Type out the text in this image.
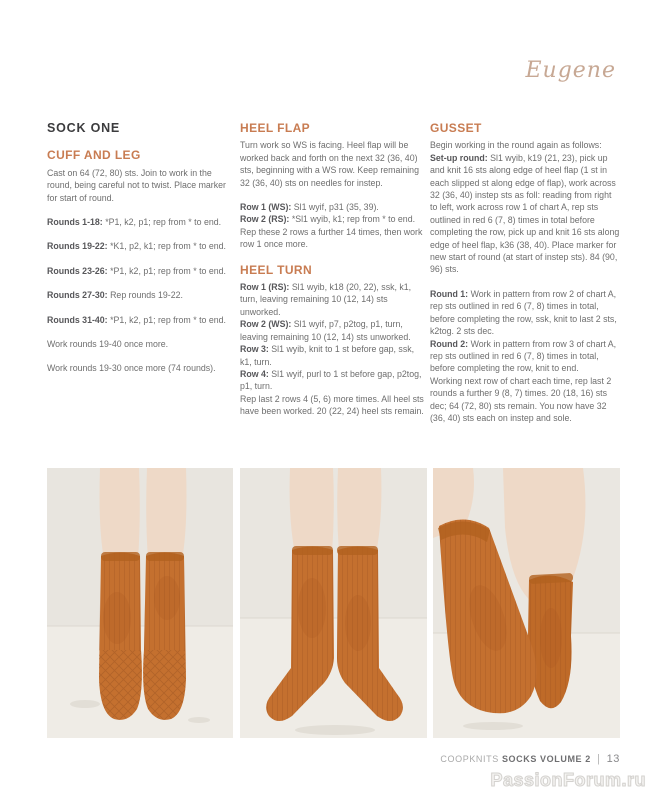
Eugene
SOCK ONE
CUFF AND LEG

Cast on 64 (72, 80) sts. Join to work in the round, being careful not to twist. Place marker for start of round.

Rounds 1-18: *P1, k2, p1; rep from * to end.

Rounds 19-22: *K1, p2, k1; rep from * to end.

Rounds 23-26: *P1, k2, p1; rep from * to end.

Rounds 27-30: Rep rounds 19-22.

Rounds 31-40: *P1, k2, p1; rep from * to end.

Work rounds 19-40 once more.

Work rounds 19-30 once more (74 rounds).

HEEL FLAP

Turn work so WS is facing. Heel flap will be worked back and forth on the next 32 (36, 40) sts, beginning with a WS row. Keep remaining 32 (36, 40) sts on needles for instep.

Row 1 (WS): Sl1 wyif, p31 (35, 39).

Row 2 (RS): *Sl1 wyib, k1; rep from * to end.

Rep these 2 rows a further 14 times, then work row 1 once more.

HEEL TURN

Row 1 (RS): Sl1 wyib, k18 (20, 22), ssk, k1, turn, leaving remaining 10 (12, 14) sts unworked.

Row 2 (WS): Sl1 wyif, p7, p2tog, p1, turn, leaving remaining 10 (12, 14) sts unworked.

Row 3: Sl1 wyib, knit to 1 st before gap, ssk, k1, turn.

Row 4: Sl1 wyif, purl to 1 st before gap, p2tog, p1, turn.

Rep last 2 rows 4 (5, 6) more times. All heel sts have been worked. 20 (22, 24) heel sts remain.

GUSSET

Begin working in the round again as follows:

Set-up round: Sl1 wyib, k19 (21, 23), pick up and knit 16 sts along edge of heel flap (1 st in each slipped st along edge of flap), work across 32 (36, 40) instep sts as foll: reading from right to left, work across row 1 of chart A, rep sts outlined in red 6 (7, 8) times in total before completing the row, pick up and knit 16 sts along edge of heel flap, k36 (38, 40). Place marker for new start of round (at start of instep sts). 84 (90, 96) sts.

Round 1: Work in pattern from row 2 of chart A, rep sts outlined in red 6 (7, 8) times in total, before completing the row, ssk, knit to last 2 sts, k2tog. 2 sts dec.

Round 2: Work in pattern from row 3 of chart A, rep sts outlined in red 6 (7, 8) times in total, before completing the row, knit to end.

Working next row of chart each time, rep last 2 rounds a further 9 (8, 7) times. 20 (18, 16) sts dec; 64 (72, 80) sts remain. You now have 32 (36, 40) sts each on instep and sole.

COOPKNITS SOCKS VOLUME 2 | 13
PassionForum.ru
